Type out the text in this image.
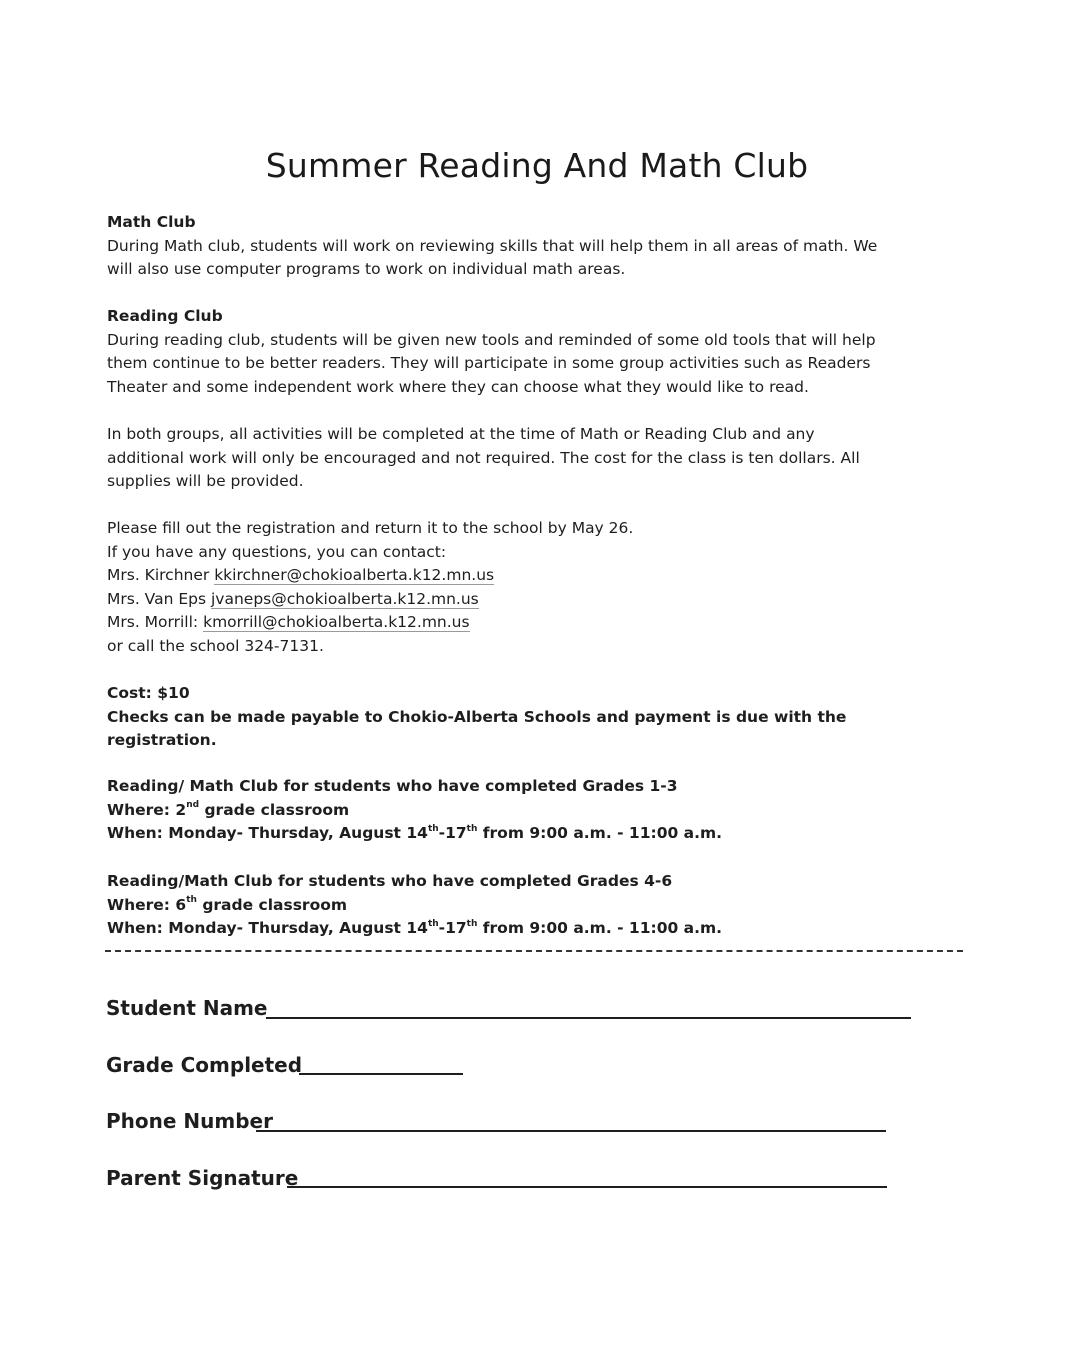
Summer Reading And Math Club
Math Club
During Math club, students will work on reviewing skills that will help them in all areas of math. We
will also use computer programs to work on individual math areas.
Reading Club
During reading club, students will be given new tools and reminded of some old tools that will help
them continue to be better readers. They will participate in some group activities such as Readers
Theater and some independent work where they can choose what they would like to read.
In both groups, all activities will be completed at the time of Math or Reading Club and any
additional work will only be encouraged and not required. The cost for the class is ten dollars. All
supplies will be provided.
Please fill out the registration and return it to the school by May 26.
If you have any questions, you can contact:
Mrs. Kirchner kkirchner@chokioalberta.k12.mn.us
Mrs. Van Eps jvaneps@chokioalberta.k12.mn.us
Mrs. Morrill: kmorrill@chokioalberta.k12.mn.us
or call the school 324-7131.
Cost: $10
Checks can be made payable to Chokio-Alberta Schools and payment is due with the
registration.
Reading/ Math Club for students who have completed Grades 1-3
Where: 2nd grade classroom
When: Monday- Thursday, August 14th-17th from 9:00 a.m. - 11:00 a.m.
Reading/Math Club for students who have completed Grades 4-6
Where: 6th grade classroom
When: Monday- Thursday, August 14th-17th from 9:00 a.m. - 11:00 a.m.
Student Name
Grade Completed
Phone Number
Parent Signature
